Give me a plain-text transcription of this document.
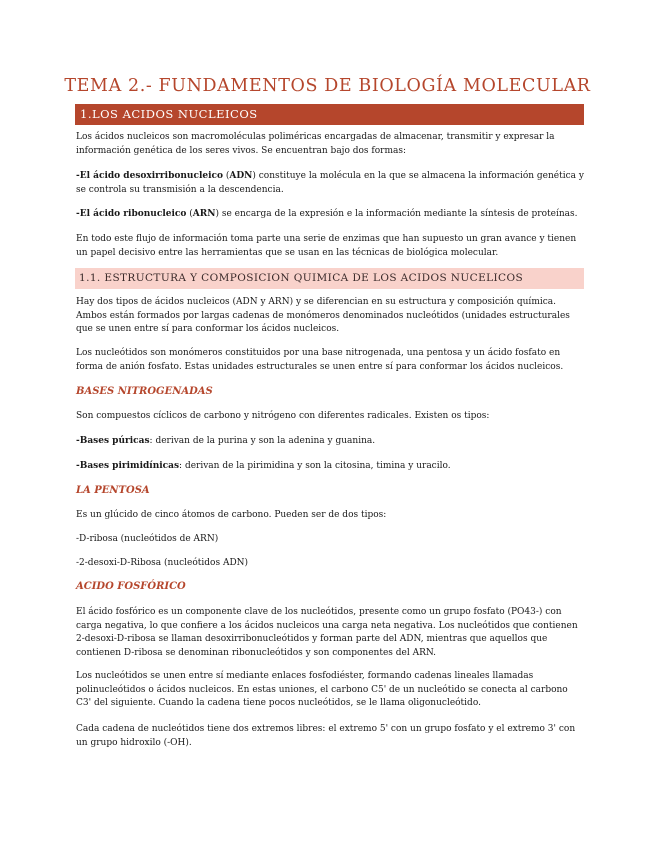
TEMA 2.- FUNDAMENTOS DE BIOLOGÍA MOLECULAR
1.LOS ACIDOS NUCLEICOS

Los ácidos nucleicos son macromoléculas poliméricas encargadas de almacenar, transmitir y expresar la información genética de los seres vivos. Se encuentran bajo dos formas:

-El ácido desoxirribonucleico (ADN) constituye la molécula en la que se almacena la información genética y se controla su transmisión a la descendencia.

-El ácido ribonucleico (ARN) se encarga de la expresión e la información mediante la síntesis de proteínas.

En todo este flujo de información toma parte una serie de enzimas que han supuesto un gran avance y tienen un papel decisivo entre las herramientas que se usan en las técnicas de biológica molecular.

1.1. ESTRUCTURA Y COMPOSICION QUIMICA DE LOS ACIDOS NUCELICOS

Hay dos tipos de ácidos nucleicos (ADN y ARN) y se diferencian en su estructura y composición química. Ambos están formados por largas cadenas de monómeros denominados nucleótidos (unidades estructurales que se unen entre sí para conformar los ácidos nucleicos.

Los nucleótidos son monómeros constituidos por una base nitrogenada, una pentosa y un ácido fosfato en forma de anión fosfato. Estas unidades estructurales se unen entre sí para conformar los ácidos nucleicos.

BASES NITROGENADAS

Son compuestos cíclicos de carbono y nitrógeno con diferentes radicales. Existen os tipos:

-Bases púricas: derivan de la purina y son la adenina y guanina.

-Bases pirimidínicas: derivan de la pirimidina y son la citosina, timina y uracilo.

LA PENTOSA

Es un glúcido de cinco átomos de carbono. Pueden ser de dos tipos:

-D-ribosa (nucleótidos de ARN)

-2-desoxi-D-Ribosa (nucleótidos ADN)

ACIDO FOSFÓRICO

El ácido fosfórico es un componente clave de los nucleótidos, presente como un grupo fosfato (PO43-) con carga negativa, lo que confiere a los ácidos nucleicos una carga neta negativa. Los nucleótidos que contienen 2-desoxi-D-ribosa se llaman desoxirribonucleótidos y forman parte del ADN, mientras que aquellos que contienen D-ribosa se denominan ribonucleótidos y son componentes del ARN.

Los nucleótidos se unen entre sí mediante enlaces fosfodiéster, formando cadenas lineales llamadas polinucleótidos o ácidos nucleicos. En estas uniones, el carbono C5' de un nucleótido se conecta al carbono C3' del siguiente. Cuando la cadena tiene pocos nucleótidos, se le llama oligonucleótido.

Cada cadena de nucleótidos tiene dos extremos libres: el extremo 5' con un grupo fosfato y el extremo 3' con un grupo hidroxilo (-OH).
